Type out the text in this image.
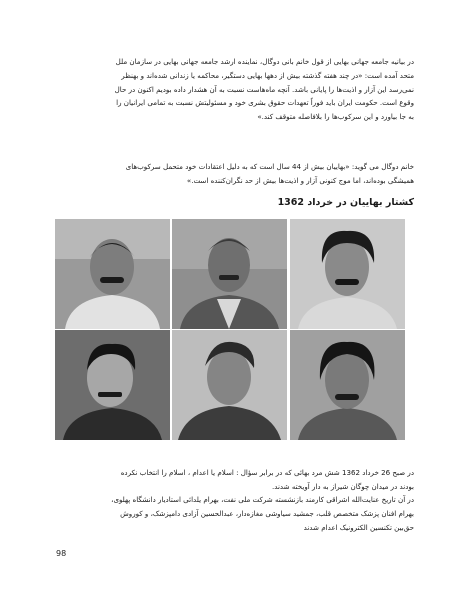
در بیانیه جامعه جهانی بهایی از قول خانم بانی دوگال، نماینده ارشد جامعه جهانی بهایی در سازمان ملل

متحد آمده است: «در چند هفته گذشته بیش از دهها بهایی دستگیر، محاکمه یا زندانی شده‌اند و بهنظر

نمی‌رسد این آزار و اذیت‌ها را پایانی باشد. آنچه ماه‌هاست نسبت به آن هشدار داده بودیم اکنون در حال

وقوع است. حکومت ایران باید فوراً تعهدات حقوق بشری خود و مسئولیتش نسبت به تمامی ایرانیان را

به جا بیاورد و این سرکوب‌ها را بلافاصله متوقف کند.»

خانم دوگال می گوید: «بهاییان بیش از 44 سال است که به دلیل اعتقادات خود متحمل سرکوب‌های

همیشگی بوده‌اند، اما موج کنونی آزار و اذیت‌ها بیش از حد نگران‌کننده است.»

کشتار بهاییان در خرداد 1362

در صبح 26 خرداد 1362 شش مرد بهائی که در برابر سؤال : اسلام یا اعدام ، اسلام را انتخاب نکرده

بودند در میدان چوگان شیراز به دار آویخته شدند.

در آن تاریخ عنایت‌الله اشراقی کارمند بازنشسته شرکت ملی نفت، بهرام یلدائی استادیار دانشگاه پهلوی،

بهرام افنان پزشک متخصص قلب، جمشید سیاوشی مغازه‌دار، عبدالحسین آزادی دامپزشک، و کوروش

حق‌بین تکنسین الکترونیک اعدام شدند

98
